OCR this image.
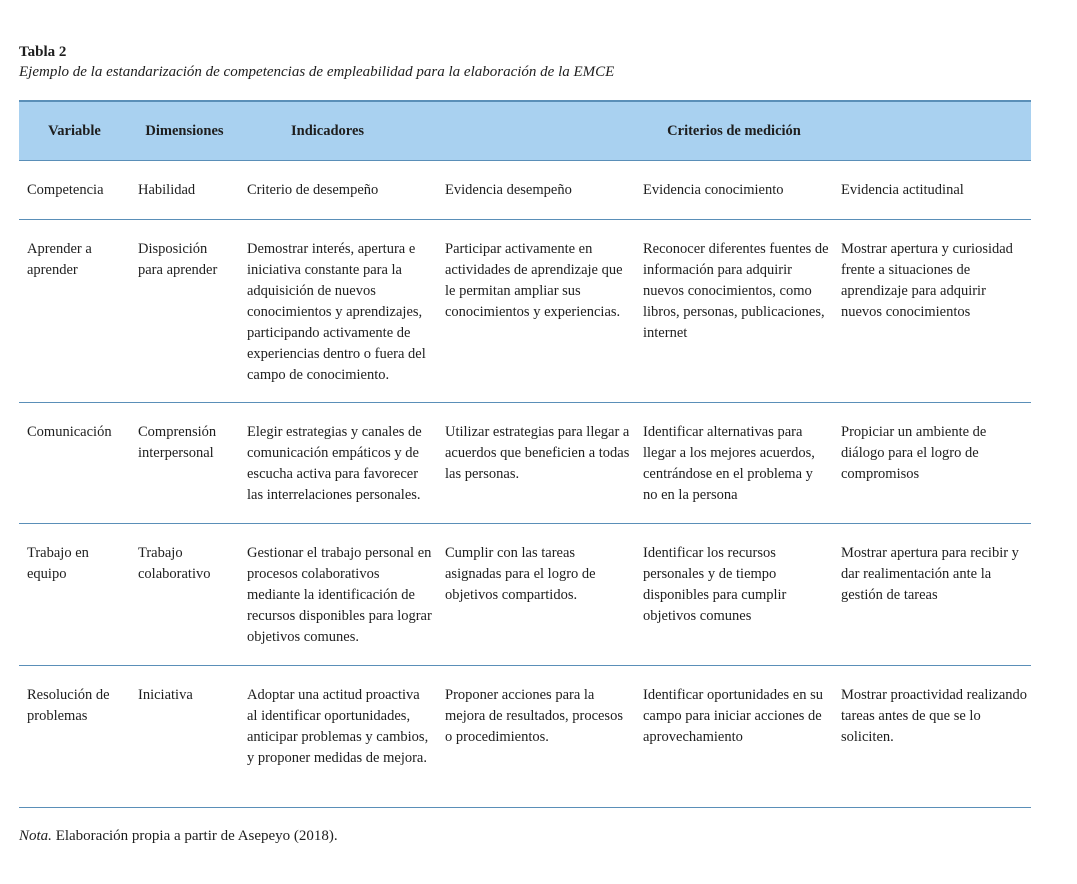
Tabla 2
Ejemplo de la estandarización de competencias de empleabilidad para la elaboración de la EMCE
Variable	Dimensiones	Indicadores	Criterios de medición		
Competencia	Habilidad	Criterio de desempeño	Evidencia desempeño	Evidencia conocimiento	Evidencia actitudinal
Aprender a aprender	Disposición para aprender	Demostrar interés, apertura e iniciativa constante para la adquisición de nuevos conocimientos y aprendizajes, participando activamente de experiencias dentro o fuera del campo de conocimiento.	Participar activamente en actividades de aprendizaje que le permitan ampliar sus conocimientos y experiencias.	Reconocer diferentes fuentes de información para adquirir nuevos conocimientos, como libros, personas, publicaciones, internet	Mostrar apertura y curiosidad frente a situaciones de aprendizaje para adquirir nuevos conocimientos
Comunicación	Comprensión interpersonal	Elegir estrategias y canales de comunicación empáticos y de escucha activa para favorecer las interrelaciones personales.	Utilizar estrategias para llegar a acuerdos que beneficien a todas las personas.	Identificar alternativas para llegar a los mejores acuerdos, centrándose en el problema y no en la persona	Propiciar un ambiente de diálogo para el logro de compromisos
Trabajo en equipo	Trabajo colaborativo	Gestionar el trabajo personal en procesos colaborativos mediante la identificación de recursos disponibles para lograr objetivos comunes.	Cumplir con las tareas asignadas para el logro de objetivos compartidos.	Identificar los recursos personales y de tiempo disponibles para cumplir objetivos comunes	Mostrar apertura para recibir y dar realimentación ante la gestión de tareas
Resolución de problemas	Iniciativa	Adoptar una actitud proactiva al identificar oportunidades, anticipar problemas y cambios, y proponer medidas de mejora.	Proponer acciones para la mejora de resultados, procesos o procedimientos.	Identificar oportunidades en su campo para iniciar acciones de aprovechamiento	Mostrar proactividad realizando tareas antes de que se lo soliciten.
Nota. Elaboración propia a partir de Asepeyo (2018).
